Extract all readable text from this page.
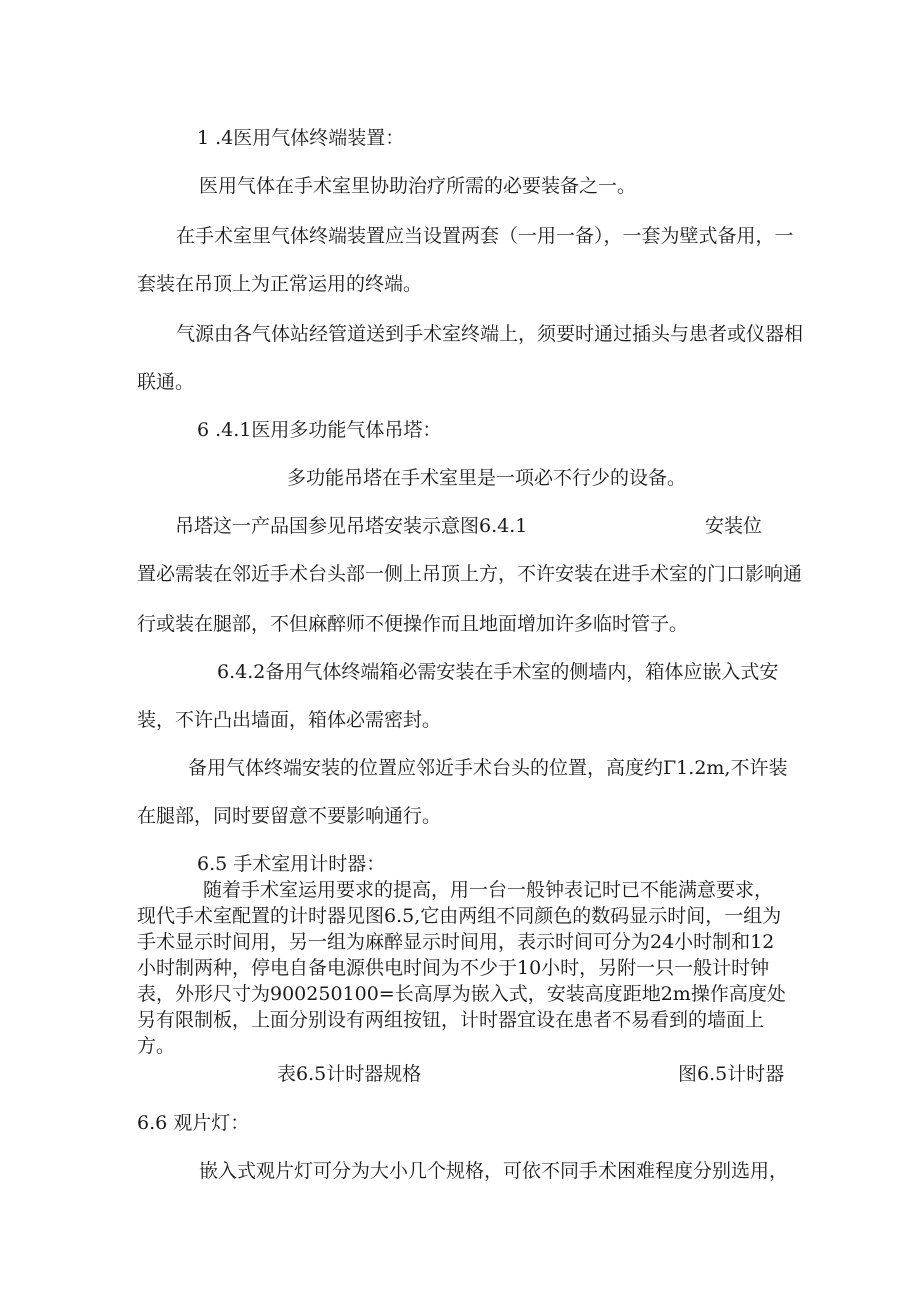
1 .4医用气体终端装置：
医用气体在手术室里协助治疗所需的必要装备之一。
在手术室里气体终端装置应当设置两套（一用一备），一套为壁式备用，一
套装在吊顶上为正常运用的终端。
气源由各气体站经管道送到手术室终端上，须要时通过插头与患者或仪器相
联通。
6 .4.1医用多功能气体吊塔：
多功能吊塔在手术室里是一项必不行少的设备。
吊塔这一产品国参见吊塔安装示意图6.4.1	安装位
置必需装在邻近手术台头部一侧上吊顶上方，不许安装在进手术室的门口影响通
行或装在腿部，不但麻醉师不便操作而且地面增加许多临时管子。
6.4.2备用气体终端箱必需安装在手术室的侧墙内，箱体应嵌入式安
装，不许凸出墙面，箱体必需密封。
备用气体终端安装的位置应邻近手术台头的位置，高度约Γ1.2m,不许装
在腿部，同时要留意不要影响通行。
6.5 手术室用计时器：
随着手术室运用要求的提高，用一台一般钟表记时已不能满意要求，现代手术室配置的计时器见图6.5,它由两组不同颜色的数码显示时间，一组为手术显示时间用，另一组为麻醉显示时间用，表示时间可分为24小时制和12小时制两种，停电自备电源供电时间为不少于10小时，另附一只一般计时钟表，外形尺寸为900250100=长高厚为嵌入式，安装高度距地2m操作高度处另有限制板，上面分别设有两组按钮，计时器宜设在患者不易看到的墙面上方。
表6.5计时器规格	图6.5计时器
6.6 观片灯：
嵌入式观片灯可分为大小几个规格，可依不同手术困难程度分别选用，
